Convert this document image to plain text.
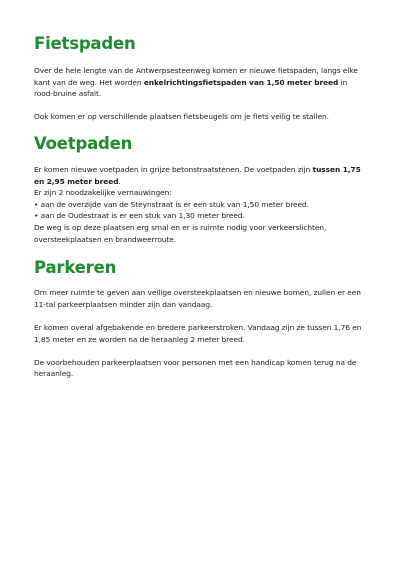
Fietspaden

Over de hele lengte van de Antwerpsesteenweg komen er nieuwe fietspaden, langs elke kant van de weg. Het worden enkelrichtingsfietspaden van 1,50 meter breed in rood-bruine asfalt.

Ook komen er op verschillende plaatsen fietsbeugels om je fiets veilig te stallen.

Voetpaden

Er komen nieuwe voetpaden in grijze betonstraatstenen. De voetpaden zijn tussen 1,75 en 2,95 meter breed.
Er zijn 2 noodzakelijke vernauwingen:
• aan de overzijde van de Steynstraat is er een stuk van 1,50 meter breed.
• aan de Oudestraat is er een stuk van 1,30 meter breed.
De weg is op deze plaatsen erg smal en er is ruimte nodig voor verkeerslichten, oversteekplaatsen en brandweerroute.

Parkeren

Om meer ruimte te geven aan veilige oversteekplaatsen en nieuwe bomen, zullen er een 11-tal parkeerplaatsen minder zijn dan vandaag.

Er komen overal afgebakende en bredere parkeerstroken. Vandaag zijn ze tussen 1,76 en 1,85 meter en ze worden na de heraanleg 2 meter breed.

De voorbehouden parkeerplaatsen voor personen met een handicap komen terug na de heraanleg.
